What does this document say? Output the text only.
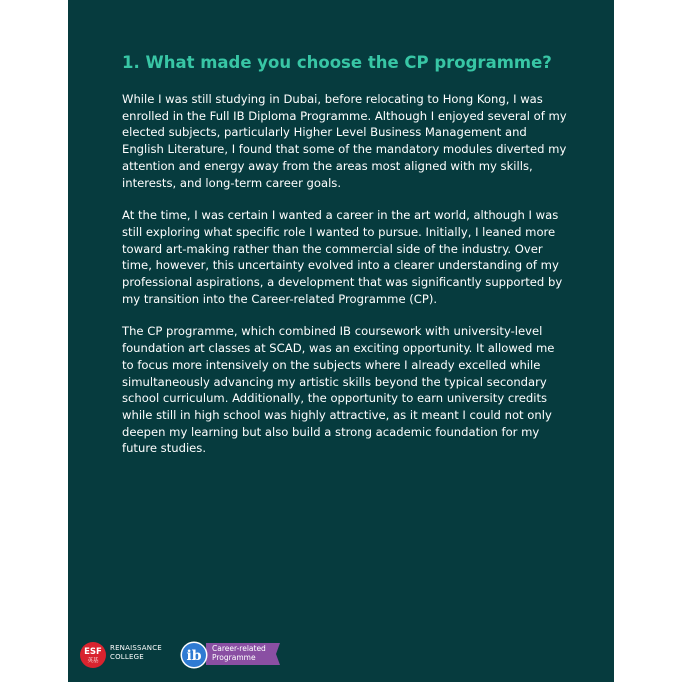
1. What made you choose the CP programme?

While I was still studying in Dubai, before relocating to Hong Kong, I was enrolled in the Full IB Diploma Programme. Although I enjoyed several of my elected subjects, particularly Higher Level Business Management and English Literature, I found that some of the mandatory modules diverted my attention and energy away from the areas most aligned with my skills, interests, and long-term career goals.

At the time, I was certain I wanted a career in the art world, although I was still exploring what specific role I wanted to pursue. Initially, I leaned more toward art-making rather than the commercial side of the industry. Over time, however, this uncertainty evolved into a clearer understanding of my professional aspirations, a development that was significantly supported by my transition into the Career-related Programme (CP).

The CP programme, which combined IB coursework with university-level foundation art classes at SCAD, was an exciting opportunity. It allowed me to focus more intensively on the subjects where I already excelled while simultaneously advancing my artistic skills beyond the typical secondary school curriculum. Additionally, the opportunity to earn university credits while still in high school was highly attractive, as it meant I could not only deepen my learning but also build a strong academic foundation for my future studies.

ESF
英基
RENAISSANCE
COLLEGE	ib Career-related
Programme
